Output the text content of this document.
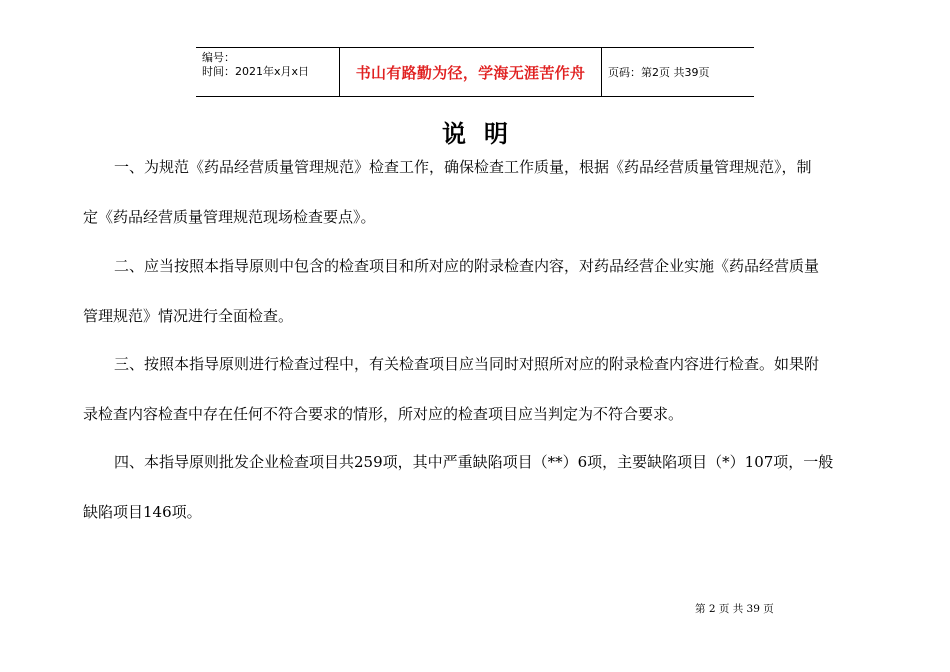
编号：
时间：2021年x月x日	书山有路勤为径，学海无涯苦作舟 页码：第2页 共39页
说明
一、为规范《药品经营质量管理规范》检查工作，确保检查工作质量，根据《药品经营质量管理规范》，制
定《药品经营质量管理规范现场检查要点》。
二、应当按照本指导原则中包含的检查项目和所对应的附录检查内容，对药品经营企业实施《药品经营质量
管理规范》情况进行全面检查。
三、按照本指导原则进行检查过程中，有关检查项目应当同时对照所对应的附录检查内容进行检查。如果附
录检查内容检查中存在任何不符合要求的情形，所对应的检查项目应当判定为不符合要求。
四、本指导原则批发企业检查项目共259项，其中严重缺陷项目（**）6项，主要缺陷项目（*）107项，一般
缺陷项目146项。
第 2 页 共 39 页
